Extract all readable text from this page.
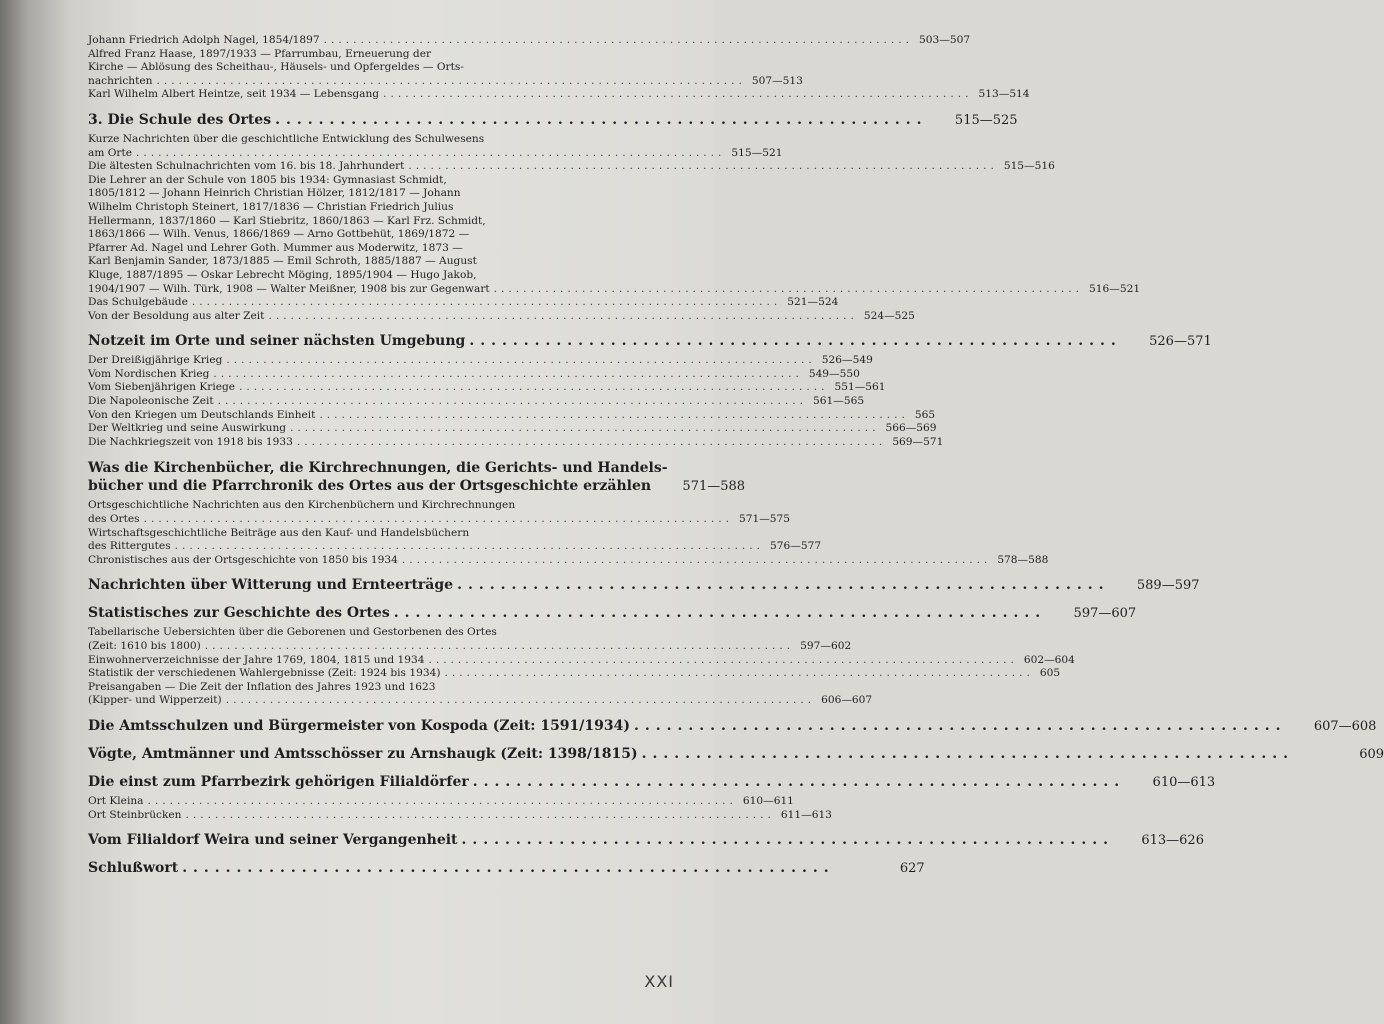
Johann Friedrich Adolph Nagel, 1854/1897 ................................................................................ 503—507
Alfred Franz Haase, 1897/1933 — Pfarrumbau, Erneuerung der
Kirche — Ablösung des Scheithau-, Häusels- und Opfergeldes — Orts-
nachrichten ................................................................................ 507—513
Karl Wilhelm Albert Heintze, seit 1934 — Lebensgang ................................................................................ 513—514
3. Die Schule des Ortes ............................................................	515—525
Kurze Nachrichten über die geschichtliche Entwicklung des Schulwesens
am Orte ................................................................................ 515—521
Die ältesten Schulnachrichten vom 16. bis 18. Jahrhundert ................................................................................ 515—516
Die Lehrer an der Schule von 1805 bis 1934: Gymnasiast Schmidt,
1805/1812 — Johann Heinrich Christian Hölzer, 1812/1817 — Johann
Wilhelm Christoph Steinert, 1817/1836 — Christian Friedrich Julius
Hellermann, 1837/1860 — Karl Stiebritz, 1860/1863 — Karl Frz. Schmidt,
1863/1866 — Wilh. Venus, 1866/1869 — Arno Gottbehüt, 1869/1872 —
Pfarrer Ad. Nagel und Lehrer Goth. Mummer aus Moderwitz, 1873 —
Karl Benjamin Sander, 1873/1885 — Emil Schroth, 1885/1887 — August
Kluge, 1887/1895 — Oskar Lebrecht Möging, 1895/1904 — Hugo Jakob,
1904/1907 — Wilh. Türk, 1908 — Walter Meißner, 1908 bis zur Gegenwart ................................................................................ 516—521
Das Schulgebäude ................................................................................ 521—524
Von der Besoldung aus alter Zeit ................................................................................ 524—525
Notzeit im Orte und seiner nächsten Umgebung ............................................................	526—571
Der Dreißigjährige Krieg ................................................................................ 526—549
Vom Nordischen Krieg ................................................................................ 549—550
Vom Siebenjährigen Kriege ................................................................................ 551—561
Die Napoleonische Zeit ................................................................................ 561—565
Von den Kriegen um Deutschlands Einheit ................................................................................ 565
Der Weltkrieg und seine Auswirkung ................................................................................ 566—569
Die Nachkriegszeit von 1918 bis 1933 ................................................................................ 569—571
Was die Kirchenbücher, die Kirchrechnungen, die Gerichts- und Handels-
bücher und die Pfarrchronik des Ortes aus der Ortsgeschichte erzählen	571—588
Ortsgeschichtliche Nachrichten aus den Kirchenbüchern und Kirchrechnungen
des Ortes ................................................................................ 571—575
Wirtschaftsgeschichtliche Beiträge aus den Kauf- und Handelsbüchern
des Rittergutes ................................................................................ 576—577
Chronistisches aus der Ortsgeschichte von 1850 bis 1934 ................................................................................ 578—588
Nachrichten über Witterung und Ernteerträge ............................................................	589—597
Statistisches zur Geschichte des Ortes ............................................................	597—607
Tabellarische Uebersichten über die Geborenen und Gestorbenen des Ortes
(Zeit: 1610 bis 1800) ................................................................................ 597—602
Einwohnerverzeichnisse der Jahre 1769, 1804, 1815 und 1934 ................................................................................ 602—604
Statistik der verschiedenen Wahlergebnisse (Zeit: 1924 bis 1934) ................................................................................ 605
Preisangaben — Die Zeit der Inflation des Jahres 1923 und 1623
(Kipper- und Wipperzeit) ................................................................................ 606—607
Die Amtsschulzen und Bürgermeister von Kospoda (Zeit: 1591/1934) ............................................................	607—608
Vögte, Amtmänner und Amtsschösser zu Arnshaugk (Zeit: 1398/1815) ............................................................	609
Die einst zum Pfarrbezirk gehörigen Filialdörfer ............................................................	610—613
Ort Kleina ................................................................................ 610—611
Ort Steinbrücken ................................................................................ 611—613
Vom Filialdorf Weira und seiner Vergangenheit ............................................................	613—626
Schlußwort ............................................................	627
XXI
